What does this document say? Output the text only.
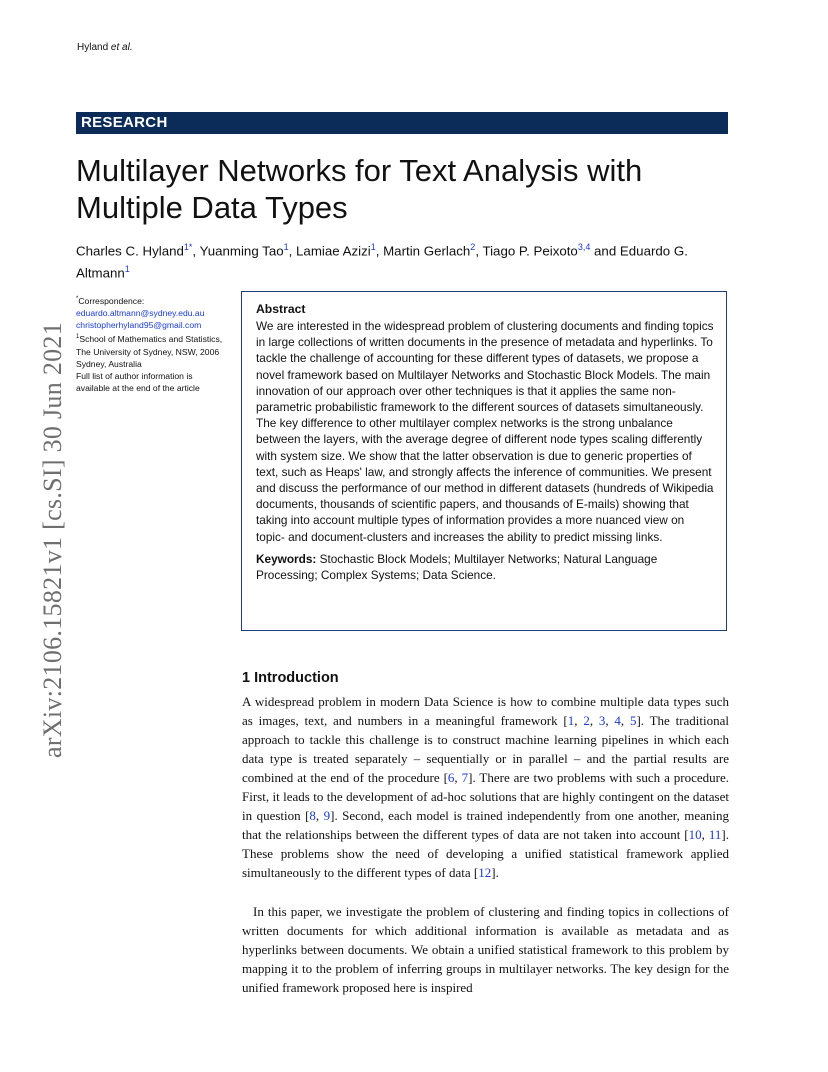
Hyland et al.
RESEARCH
Multilayer Networks for Text Analysis with Multiple Data Types
Charles C. Hyland$^{1*}$, Yuanming Tao$^1$, Lamiae Azizi$^1$, Martin Gerlach$^2$, Tiago P. Peixoto$^{3,4}$ and Eduardo G. Altmann$^1$
*Correspondence:
eduardo.altmann@sydney.edu.au
christopherhyland95@gmail.com
$^1$School of Mathematics and Statistics, The University of Sydney, NSW, 2006 Sydney, Australia
Full list of author information is available at the end of the article
arXiv:2106.15821v1 [cs.SI] 30 Jun 2021
Abstract
We are interested in the widespread problem of clustering documents and finding topics in large collections of written documents in the presence of metadata and hyperlinks. To tackle the challenge of accounting for these different types of datasets, we propose a novel framework based on Multilayer Networks and Stochastic Block Models. The main innovation of our approach over other techniques is that it applies the same non-parametric probabilistic framework to the different sources of datasets simultaneously. The key difference to other multilayer complex networks is the strong unbalance between the layers, with the average degree of different node types scaling differently with system size. We show that the latter observation is due to generic properties of text, such as Heaps' law, and strongly affects the inference of communities. We present and discuss the performance of our method in different datasets (hundreds of Wikipedia documents, thousands of scientific papers, and thousands of E-mails) showing that taking into account multiple types of information provides a more nuanced view on topic- and document-clusters and increases the ability to predict missing links.
Keywords: Stochastic Block Models; Multilayer Networks; Natural Language Processing; Complex Systems; Data Science.
1 Introduction
A widespread problem in modern Data Science is how to combine multiple data types such as images, text, and numbers in a meaningful framework [1, 2, 3, 4, 5]. The traditional approach to tackle this challenge is to construct machine learning pipelines in which each data type is treated separately – sequentially or in parallel – and the partial results are combined at the end of the procedure [6, 7]. There are two problems with such a procedure. First, it leads to the development of ad-hoc solutions that are highly contingent on the dataset in question [8, 9]. Second, each model is trained independently from one another, meaning that the relationships between the different types of data are not taken into account [10, 11]. These problems show the need of developing a unified statistical framework applied simultaneously to the different types of data [12].
In this paper, we investigate the problem of clustering and finding topics in collections of written documents for which additional information is available as metadata and as hyperlinks between documents. We obtain a unified statistical framework to this problem by mapping it to the problem of inferring groups in multilayer networks. The key design for the unified framework proposed here is inspired
